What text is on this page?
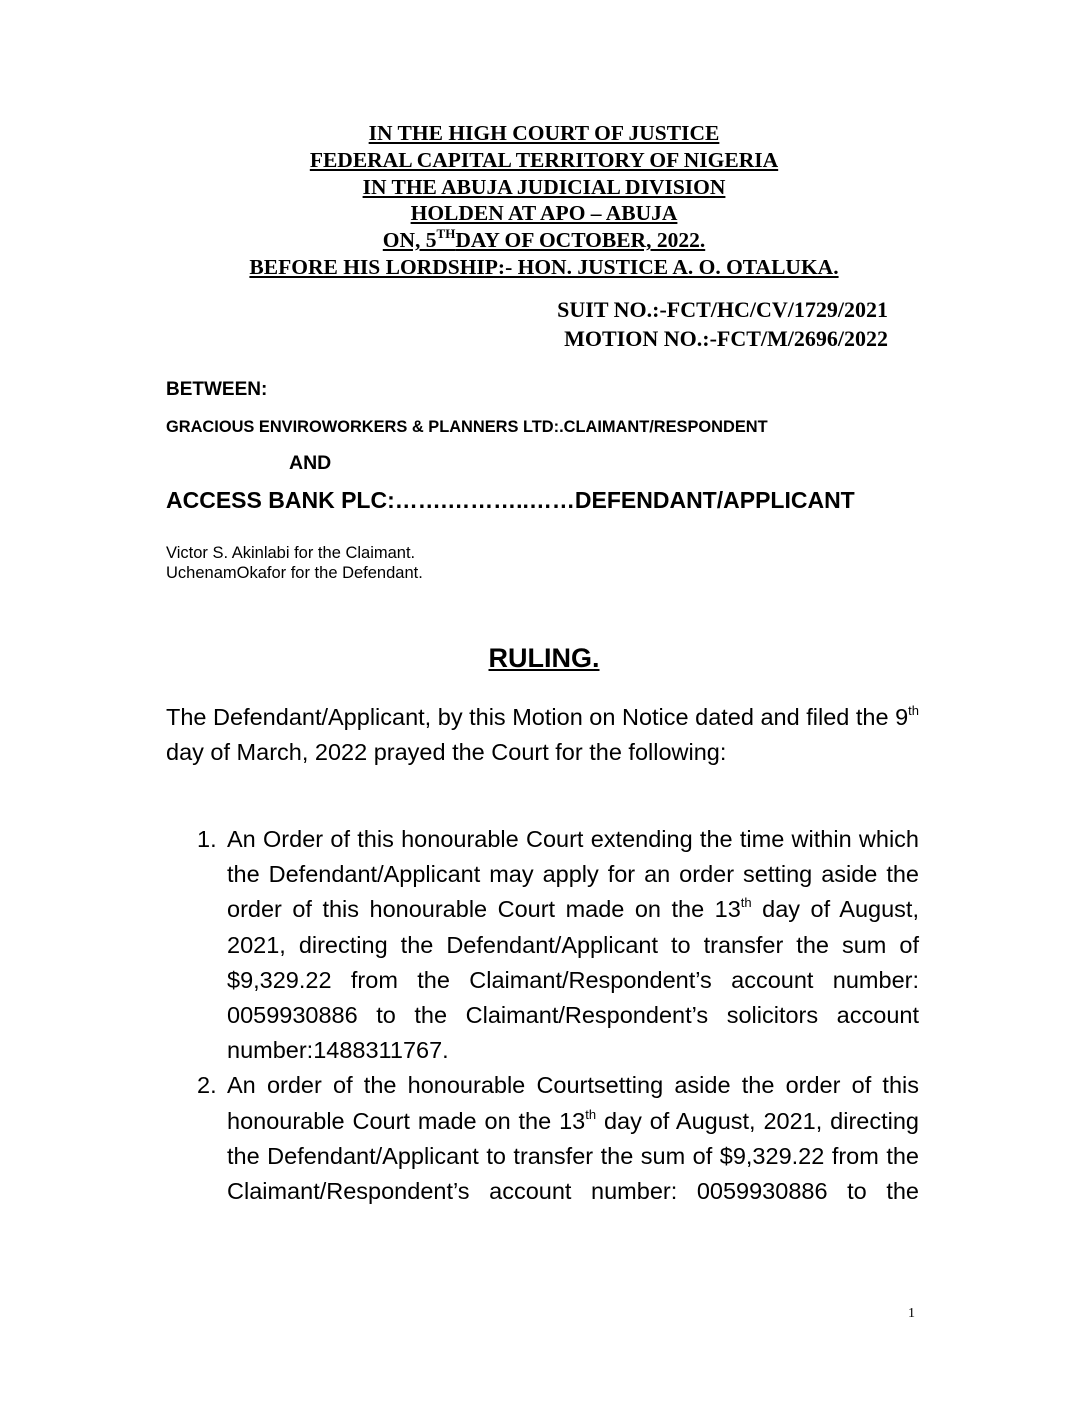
IN THE HIGH COURT OF JUSTICE
FEDERAL CAPITAL TERRITORY OF NIGERIA
IN THE ABUJA JUDICIAL DIVISION
HOLDEN AT APO – ABUJA
ON, 5THDAY OF OCTOBER, 2022.
BEFORE HIS LORDSHIP:- HON. JUSTICE A. O. OTALUKA.
SUIT NO.:-FCT/HC/CV/1729/2021
MOTION NO.:-FCT/M/2696/2022
BETWEEN:
GRACIOUS ENVIROWORKERS & PLANNERS LTD:.CLAIMANT/RESPONDENT
AND
ACCESS BANK PLC:…….………..……DEFENDANT/APPLICANT
Victor S. Akinlabi for the Claimant.
UchenamOkafor for the Defendant.
RULING.
The Defendant/Applicant, by this Motion on Notice dated and filed the 9th day of March, 2022 prayed the Court for the following:
1. An Order of this honourable Court extending the time within which the Defendant/Applicant may apply for an order setting aside the order of this honourable Court made on the 13th day of August, 2021, directing the Defendant/Applicant to transfer the sum of $9,329.22 from the Claimant/Respondent’s account number: 0059930886 to the Claimant/Respondent’s solicitors account
number:1488311767.
2. An order of the honourable Courtsetting aside the order of this honourable Court made on the 13th day of August, 2021, directing the Defendant/Applicant to transfer the sum of $9,329.22 from the Claimant/Respondent’s account number: 0059930886 to the
1
